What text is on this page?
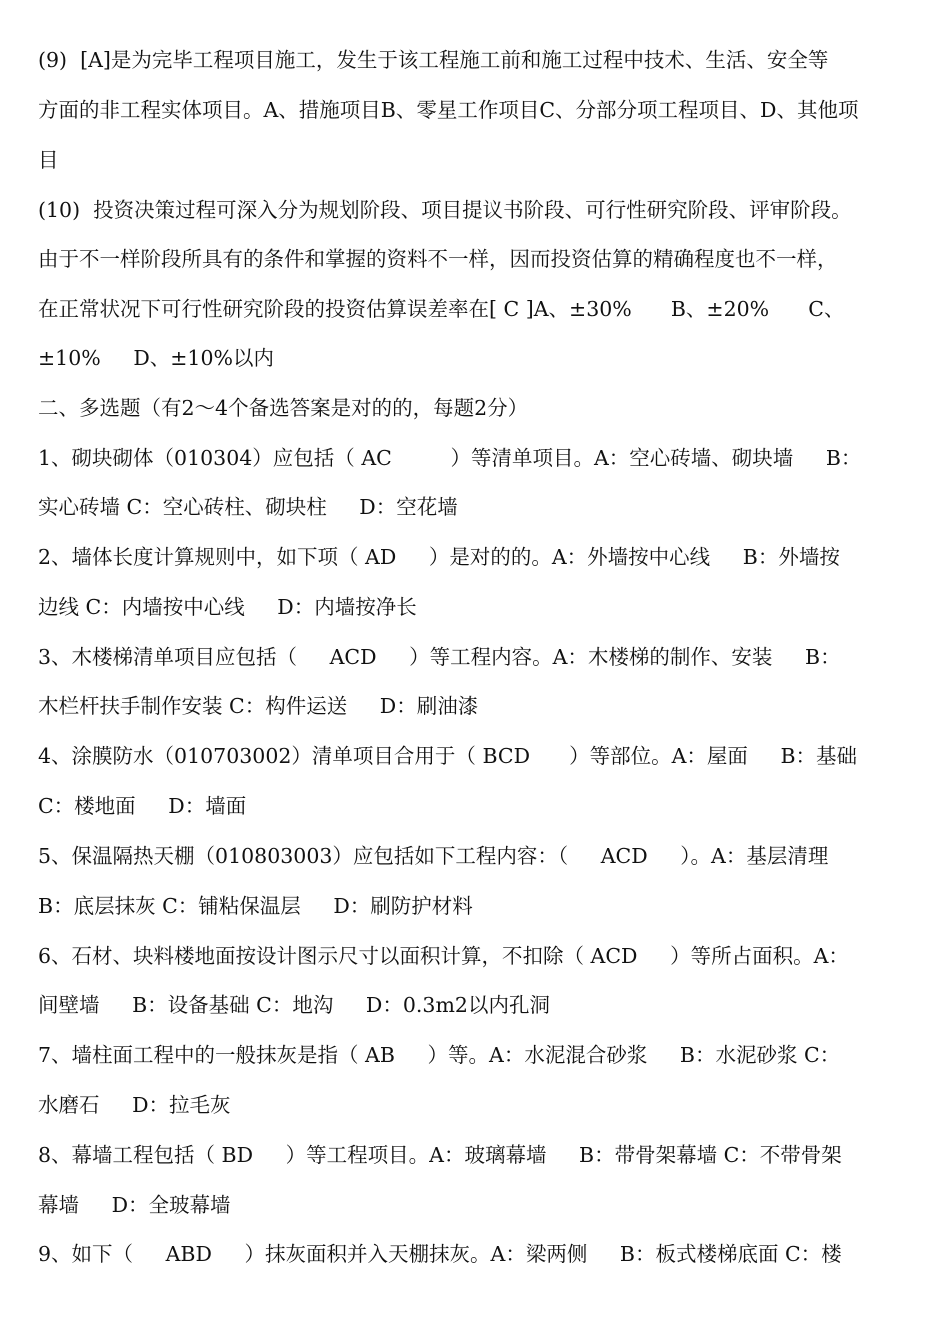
(9)  [A]是为完毕工程项目施工，发生于该工程施工前和施工过程中技术、生活、安全等
方面的非工程实体项目。A、措施项目B、零星工作项目C、分部分项工程项目、D、其他项
目
(10)  投资决策过程可深入分为规划阶段、项目提议书阶段、可行性研究阶段、评审阶段。
由于不一样阶段所具有的条件和掌握的资料不一样，因而投资估算的精确程度也不一样，
在正常状况下可行性研究阶段的投资估算误差率在[ C ]A、±30%      B、±20%      C、
±10%     D、±10%以内
二、多选题（有2～4个备选答案是对的的，每题2分）
1、砌块砌体（010304）应包括（ AC         ）等清单项目。A：空心砖墙、砌块墙     B：
实心砖墙 C：空心砖柱、砌块柱     D：空花墙
2、墙体长度计算规则中，如下项（ AD     ）是对的的。A：外墙按中心线     B：外墙按
边线 C：内墙按中心线     D：内墙按净长
3、木楼梯清单项目应包括（     ACD     ）等工程内容。A：木楼梯的制作、安装     B：
木栏杆扶手制作安装 C：构件运送     D：刷油漆
4、涂膜防水（010703002）清单项目合用于（ BCD      ）等部位。A：屋面     B：基础
C：楼地面     D：墙面
5、保温隔热天棚（010803003）应包括如下工程内容：（     ACD     ）。A：基层清理
B：底层抹灰 C：铺粘保温层     D：刷防护材料
6、石材、块料楼地面按设计图示尺寸以面积计算，不扣除（ ACD     ）等所占面积。A：
间壁墙     B：设备基础 C：地沟     D：0.3m2以内孔洞
7、墙柱面工程中的一般抹灰是指（ AB     ）等。A：水泥混合砂浆     B：水泥砂浆 C：
水磨石     D：拉毛灰
8、幕墙工程包括（ BD     ）等工程项目。A：玻璃幕墙     B：带骨架幕墙 C：不带骨架
幕墙     D：全玻幕墙
9、如下（     ABD     ）抹灰面积并入天棚抹灰。A：梁两侧     B：板式楼梯底面 C：楼
